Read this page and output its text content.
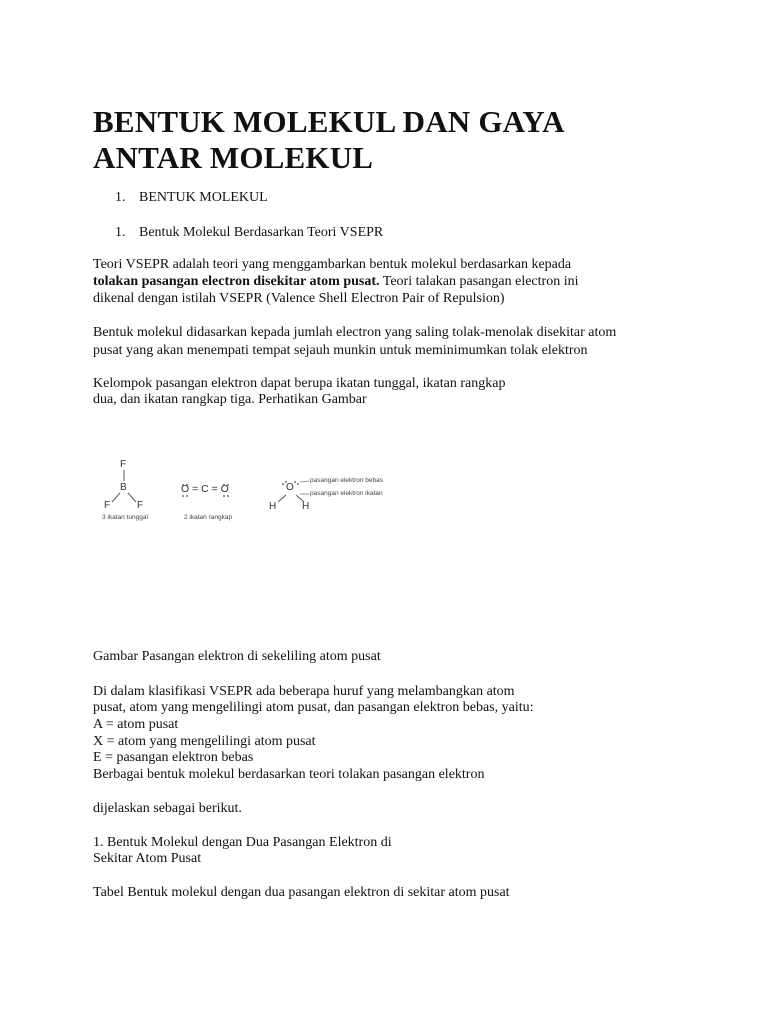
BENTUK MOLEKUL DAN GAYA ANTAR MOLEKUL
1. BENTUK MOLEKUL
1. Bentuk Molekul Berdasarkan Teori VSEPR

Teori VSEPR adalah teori yang menggambarkan bentuk molekul berdasarkan kepada

tolakan pasangan electron disekitar atom pusat. Teori talakan pasangan electron ini

dikenal dengan istilah VSEPR (Valence Shell Electron Pair of Repulsion)

Bentuk molekul didasarkan kepada jumlah electron yang saling tolak-menolak disekitar atom

pusat yang akan menempati tempat sejauh munkin untuk meminimumkan tolak elektron

Kelompok pasangan elektron dapat berupa ikatan tunggal, ikatan rangkap

dua, dan ikatan rangkap tiga. Perhatikan Gambar

Gambar Pasangan elektron di sekeliling atom pusat

Di dalam klasifikasi VSEPR ada beberapa huruf yang melambangkan atom

pusat, atom yang mengelilingi atom pusat, dan pasangan elektron bebas, yaitu:

A = atom pusat

X = atom yang mengelilingi atom pusat

E = pasangan elektron bebas

Berbagai bentuk molekul berdasarkan teori tolakan pasangan elektron

dijelaskan sebagai berikut.

1. Bentuk Molekul dengan Dua Pasangan Elektron di

Sekitar Atom Pusat

Tabel Bentuk molekul dengan dua pasangan elektron di sekitar atom pusat

F
B
F	F
3 ikatan tunggal
O = C = O
2 ikatan rangkap
O
H	H
pasangan elektron bebas
pasangan elektron ikatan
